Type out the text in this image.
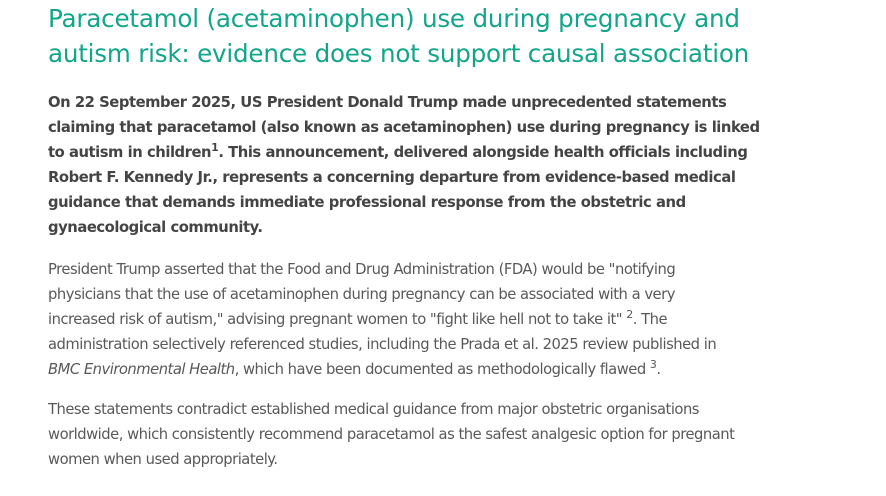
Paracetamol (acetaminophen) use during pregnancy and
autism risk: evidence does not support causal association

On 22 September 2025, US President Donald Trump made unprecedented statements
claiming that paracetamol (also known as acetaminophen) use during pregnancy is linked
to autism in children$^1$. This announcement, delivered alongside health officials including
Robert F. Kennedy Jr., represents a concerning departure from evidence-based medical
guidance that demands immediate professional response from the obstetric and
gynaecological community.

President Trump asserted that the Food and Drug Administration (FDA) would be "notifying
physicians that the use of acetaminophen during pregnancy can be associated with a very
increased risk of autism," advising pregnant women to "fight like hell not to take it" $^2$. The
administration selectively referenced studies, including the Prada et al. 2025 review published in
BMC Environmental Health, which have been documented as methodologically flawed $^3$.

These statements contradict established medical guidance from major obstetric organisations
worldwide, which consistently recommend paracetamol as the safest analgesic option for pregnant
women when used appropriately.
